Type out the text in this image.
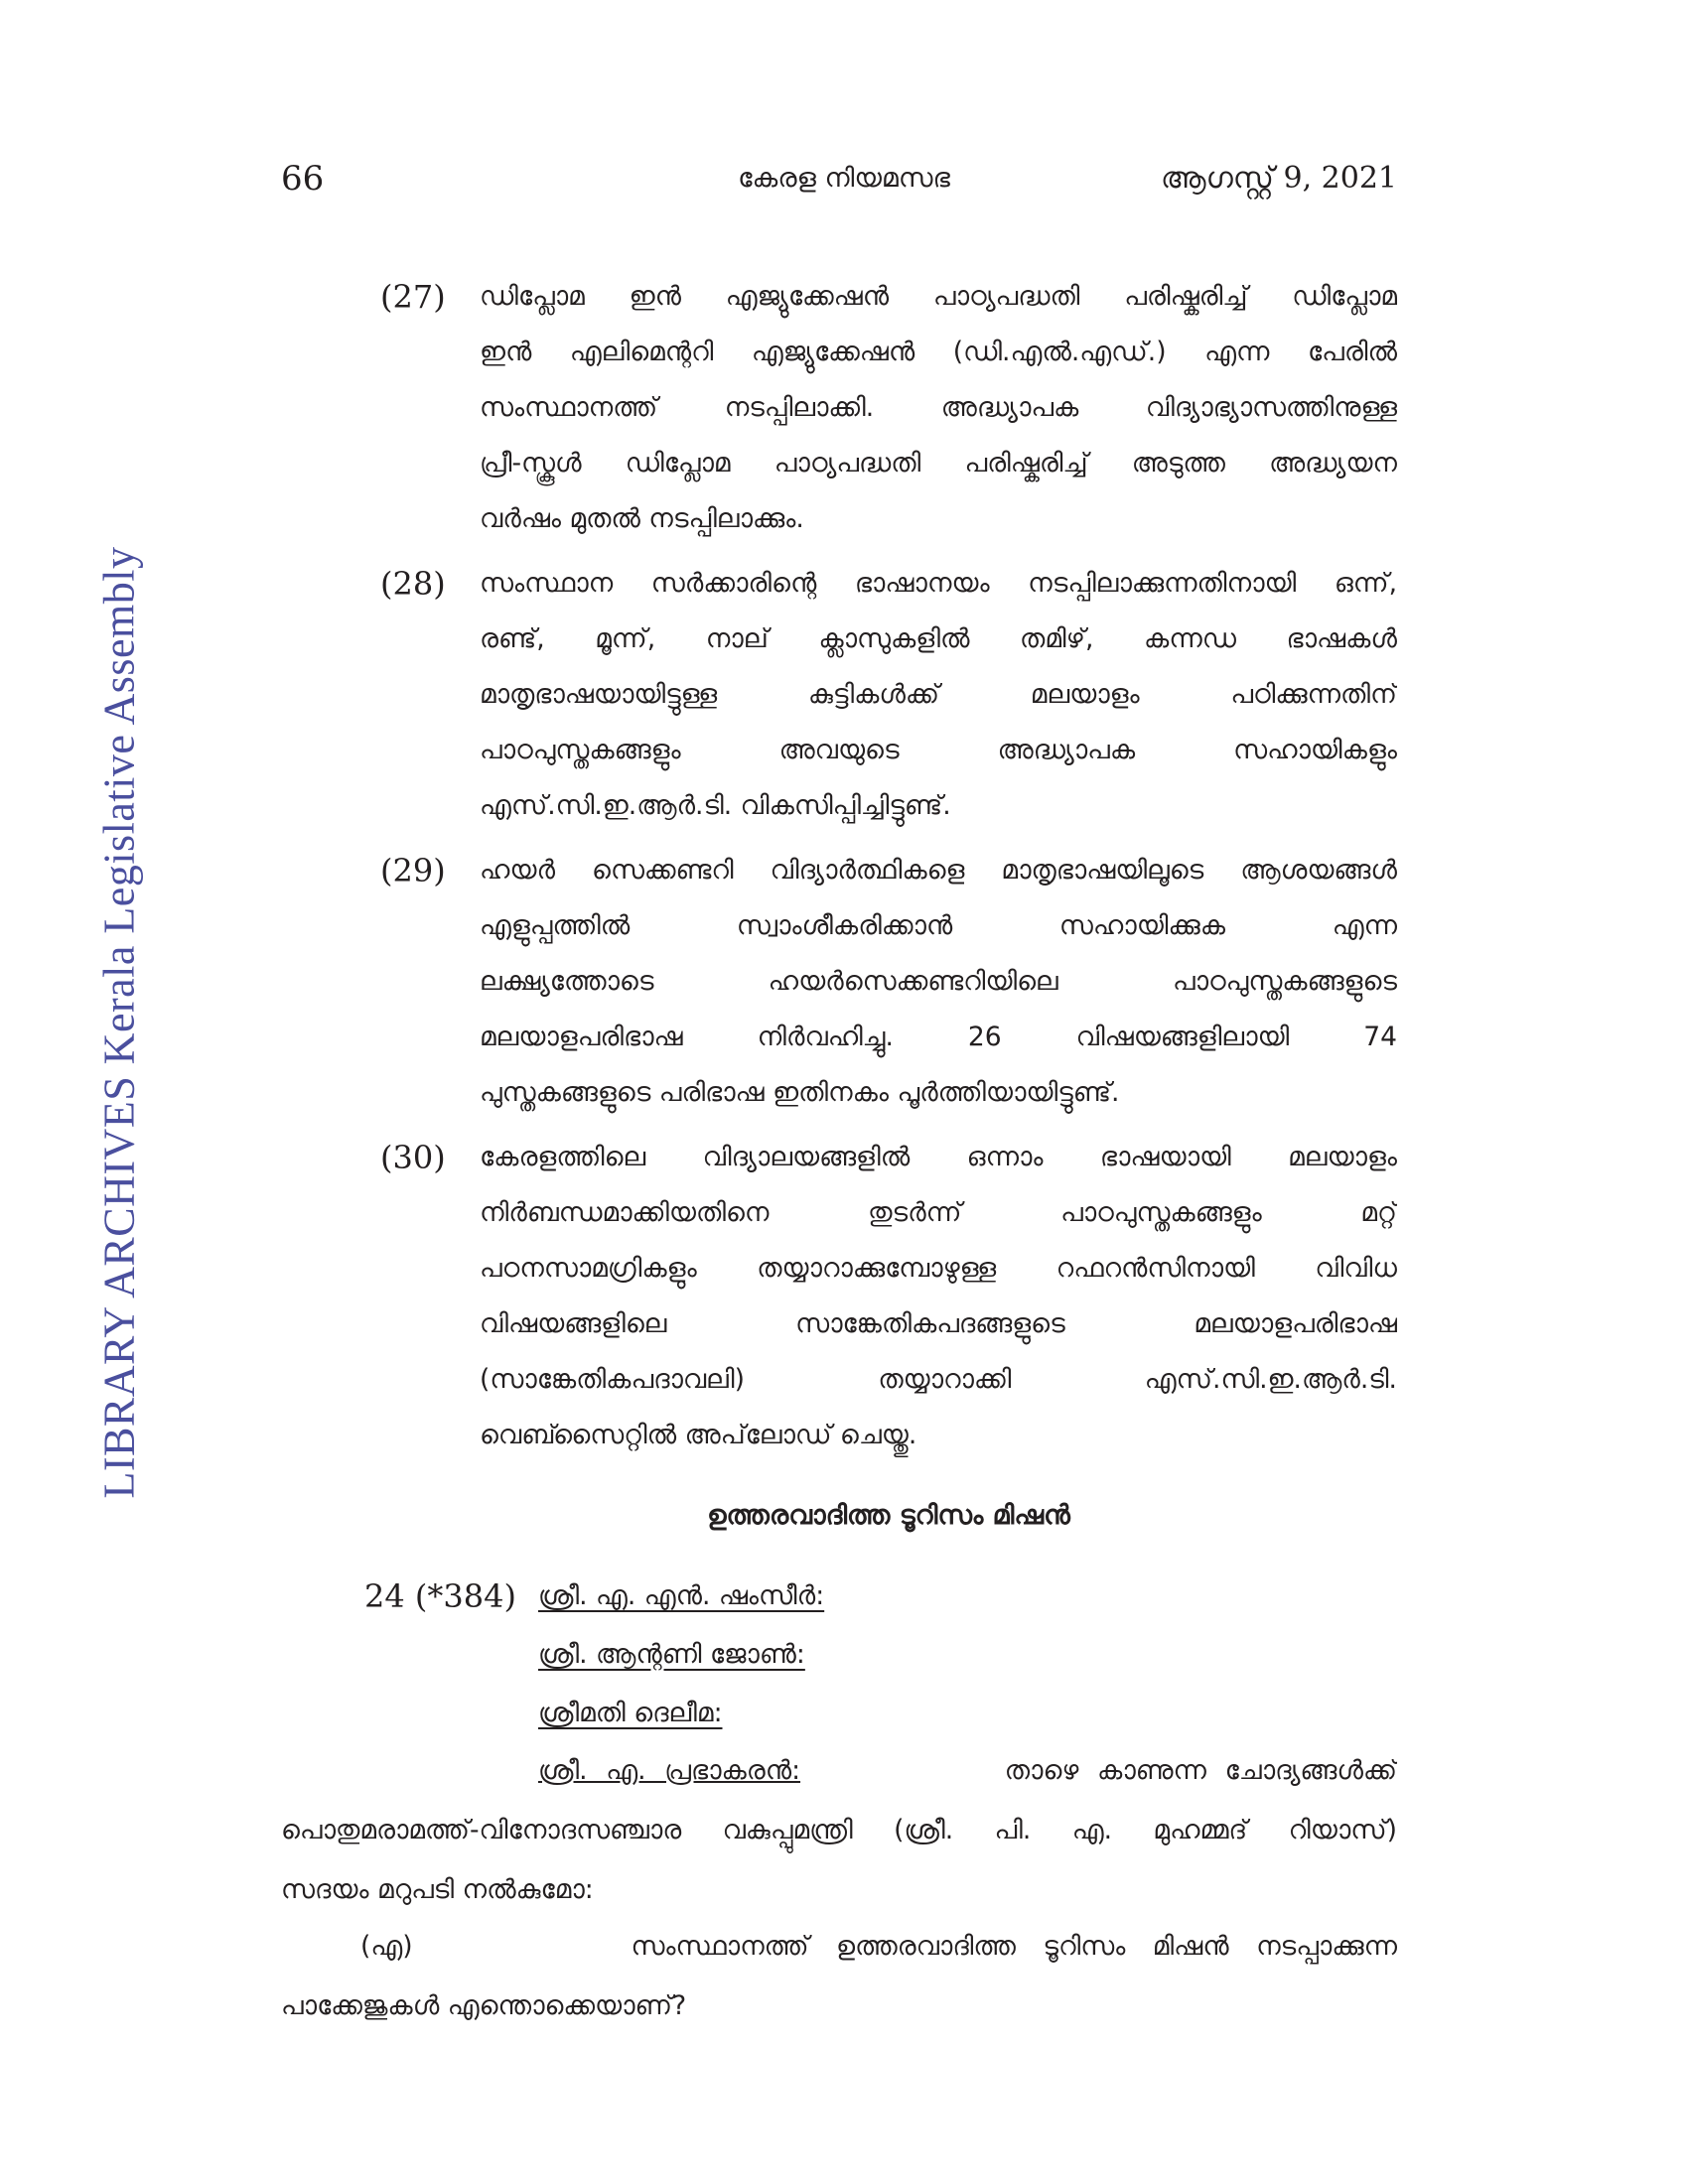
66	കേരള നിയമസഭ	ആഗസ്റ്റ് 9, 2021
LIBRARY ARCHIVES Kerala Legislative Assembly
(27) ഡിപ്ലോമ ഇൻ എജ്യുക്കേഷൻ പാഠ്യപദ്ധതി പരിഷ്കരിച്ച് ഡിപ്ലോമ
ഇൻ എലിമെന്ററി എജ്യുക്കേഷൻ (ഡി.എൽ.എഡ്.) എന്ന പേരിൽ
സംസ്ഥാനത്ത് നടപ്പിലാക്കി. അദ്ധ്യാപക വിദ്യാഭ്യാസത്തിനുള്ള
പ്രീ-സ്കൂൾ ഡിപ്ലോമ പാഠ്യപദ്ധതി പരിഷ്കരിച്ച് അടുത്ത അദ്ധ്യയന
വർഷം മുതൽ നടപ്പിലാക്കും.
(28) സംസ്ഥാന സർക്കാരിന്റെ ഭാഷാനയം നടപ്പിലാക്കുന്നതിനായി ഒന്ന്,
രണ്ട്, മൂന്ന്, നാല് ക്ലാസുകളിൽ തമിഴ്, കന്നഡ ഭാഷകൾ
മാതൃഭാഷയായിട്ടുള്ള കുട്ടികൾക്ക് മലയാളം പഠിക്കുന്നതിന്
പാഠപുസ്തകങ്ങളും അവയുടെ അദ്ധ്യാപക സഹായികളും
എസ്.സി.ഇ.ആർ.ടി. വികസിപ്പിച്ചിട്ടുണ്ട്.
(29) ഹയർ സെക്കണ്ടറി വിദ്യാർത്ഥികളെ മാതൃഭാഷയിലൂടെ ആശയങ്ങൾ
എളുപ്പത്തിൽ സ്വാംശീകരിക്കാൻ സഹായിക്കുക എന്ന
ലക്ഷ്യത്തോടെ ഹയർസെക്കണ്ടറിയിലെ പാഠപുസ്തകങ്ങളുടെ
മലയാളപരിഭാഷ നിർവഹിച്ചു. 26 വിഷയങ്ങളിലായി 74
പുസ്തകങ്ങളുടെ പരിഭാഷ ഇതിനകം പൂർത്തിയായിട്ടുണ്ട്.
(30) കേരളത്തിലെ വിദ്യാലയങ്ങളിൽ ഒന്നാം ഭാഷയായി മലയാളം
നിർബന്ധമാക്കിയതിനെ തുടർന്ന് പാഠപുസ്തകങ്ങളും മറ്റ്
പഠനസാമഗ്രികളും തയ്യാറാക്കുമ്പോഴുള്ള റഫറൻസിനായി വിവിധ
വിഷയങ്ങളിലെ സാങ്കേതികപദങ്ങളുടെ മലയാളപരിഭാഷ
(സാങ്കേതികപദാവലി) തയ്യാറാക്കി എസ്.സി.ഇ.ആർ.ടി.
വെബ്സൈറ്റിൽ അപ്‌ലോഡ് ചെയ്തു.
ഉത്തരവാദിത്ത ടൂറിസം മിഷൻ
24 (*384) ശ്രീ. എ. എൻ. ഷംസീർ:
ശ്രീ. ആന്റണി ജോൺ:
ശ്രീമതി ദെലീമ:
ശ്രീ. എ. പ്രഭാകരൻ:	താഴെ കാണുന്ന ചോദ്യങ്ങൾക്ക്
പൊതുമരാമത്ത്-വിനോദസഞ്ചാര വകുപ്പുമന്ത്രി (ശ്രീ. പി. എ. മുഹമ്മദ് റിയാസ്)
സദയം മറുപടി നൽകുമോ:
(എ)	സംസ്ഥാനത്ത് ഉത്തരവാദിത്ത ടൂറിസം മിഷൻ നടപ്പാക്കുന്ന
പാക്കേജുകൾ എന്തൊക്കെയാണ്?
